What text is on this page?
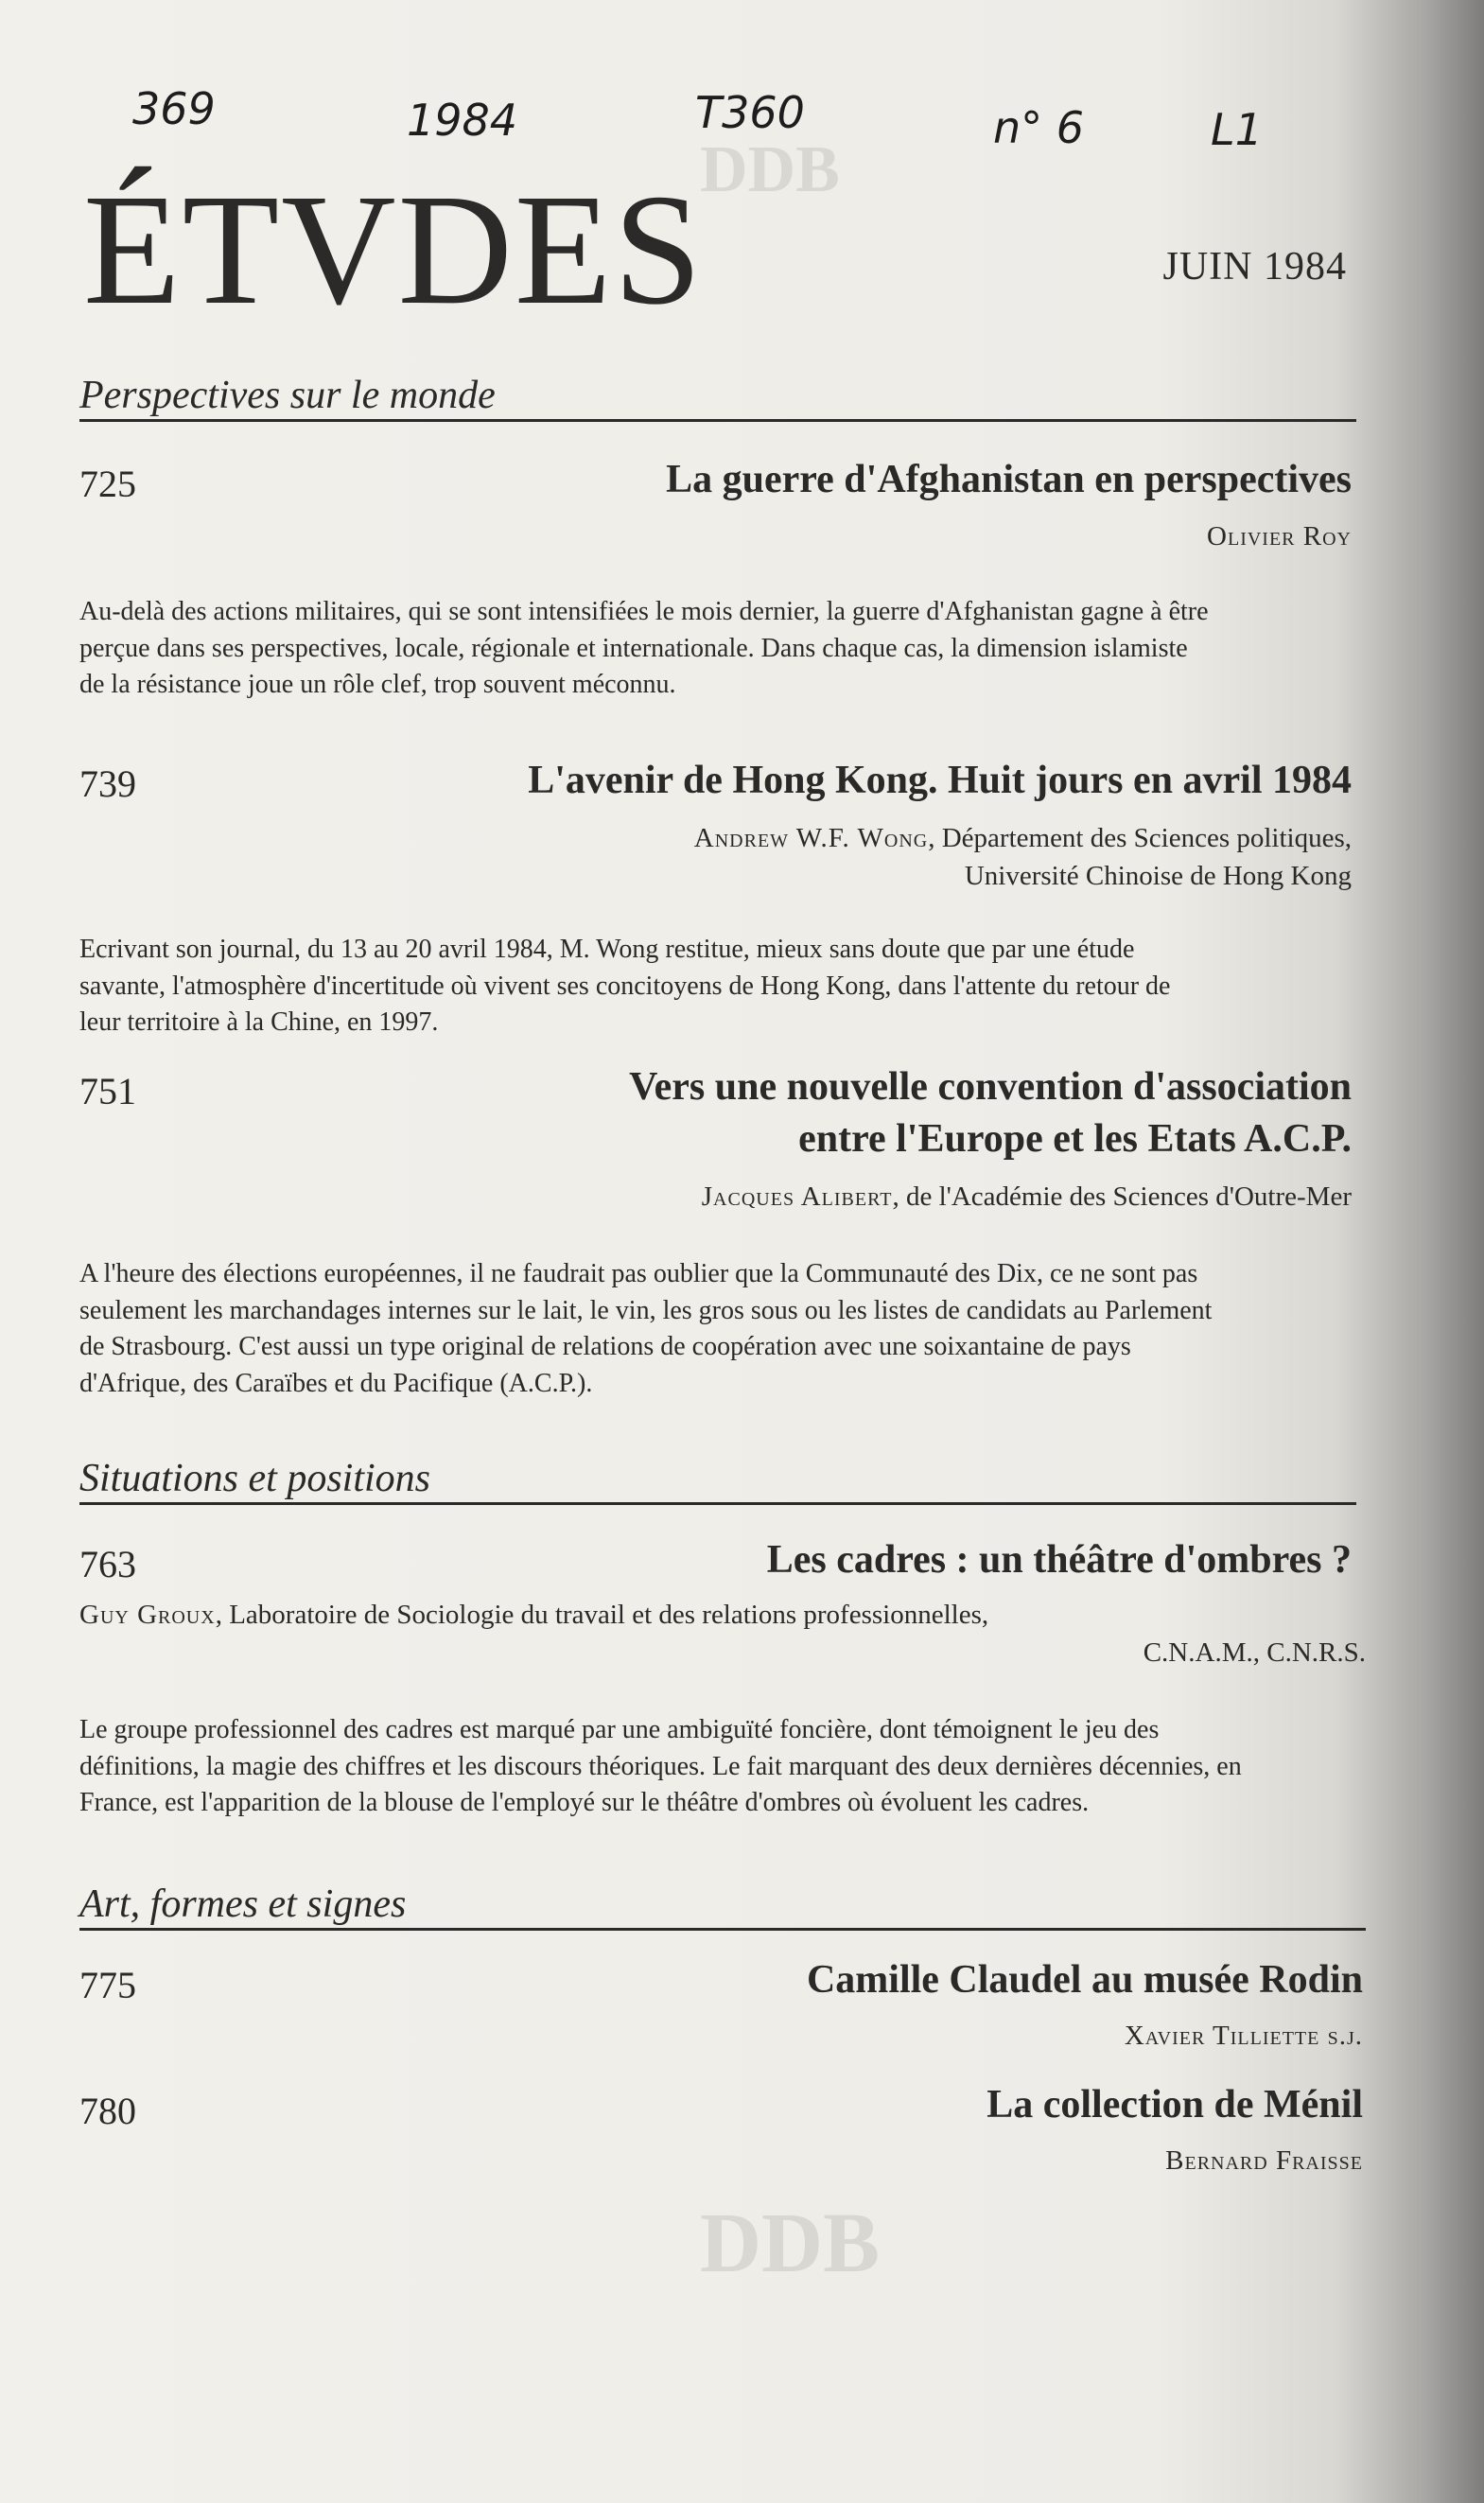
DDB
DDB
369	1984	T360	n° 6	L1
ÉTVDES	JUIN 1984
Perspectives sur le monde
725	La guerre d'Afghanistan en perspectives
Olivier Roy
Au-delà des actions militaires, qui se sont intensifiées le mois dernier, la guerre d'Afghanistan gagne à être perçue dans ses perspectives, locale, régionale et internationale. Dans chaque cas, la dimension islamiste de la résistance joue un rôle clef, trop souvent méconnu.
739	L'avenir de Hong Kong. Huit jours en avril 1984
Andrew W.F. Wong, Département des Sciences politiques,
Université Chinoise de Hong Kong
Ecrivant son journal, du 13 au 20 avril 1984, M. Wong restitue, mieux sans doute que par une étude savante, l'atmosphère d'incertitude où vivent ses concitoyens de Hong Kong, dans l'attente du retour de leur territoire à la Chine, en 1997.
751	Vers une nouvelle convention d'association
entre l'Europe et les Etats A.C.P.
Jacques Alibert, de l'Académie des Sciences d'Outre-Mer
A l'heure des élections européennes, il ne faudrait pas oublier que la Communauté des Dix, ce ne sont pas seulement les marchandages internes sur le lait, le vin, les gros sous ou les listes de candidats au Parlement de Strasbourg. C'est aussi un type original de relations de coopération avec une soixantaine de pays d'Afrique, des Caraïbes et du Pacifique (A.C.P.).
Situations et positions
763	Les cadres : un théâtre d'ombres ?
Guy Groux, Laboratoire de Sociologie du travail et des relations professionnelles,
C.N.A.M., C.N.R.S.
Le groupe professionnel des cadres est marqué par une ambiguïté foncière, dont témoignent le jeu des définitions, la magie des chiffres et les discours théoriques. Le fait marquant des deux dernières décennies, en France, est l'apparition de la blouse de l'employé sur le théâtre d'ombres où évoluent les cadres.
Art, formes et signes
775	Camille Claudel au musée Rodin
Xavier Tilliette s.j.
780	La collection de Ménil
Bernard Fraisse
